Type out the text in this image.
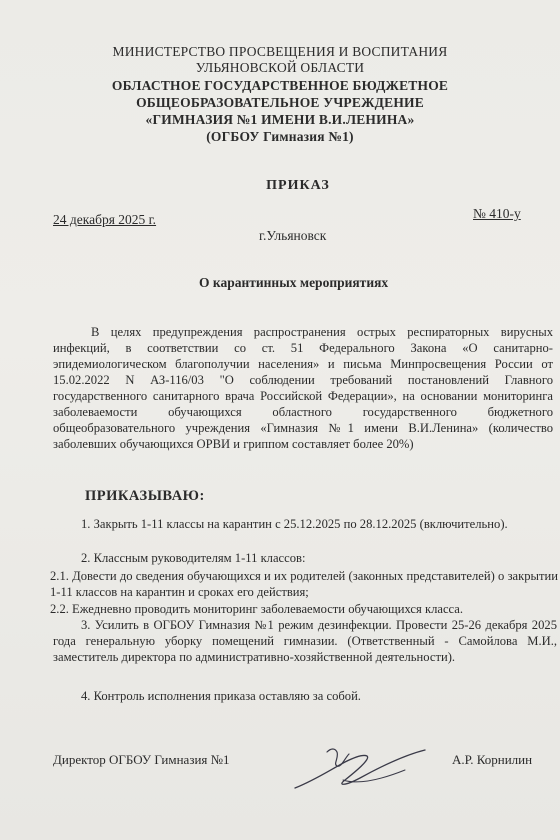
МИНИСТЕРСТВО ПРОСВЕЩЕНИЯ И ВОСПИТАНИЯ
УЛЬЯНОВСКОЙ ОБЛАСТИ
ОБЛАСТНОЕ ГОСУДАРСТВЕННОЕ БЮДЖЕТНОЕ
ОБЩЕОБРАЗОВАТЕЛЬНОЕ УЧРЕЖДЕНИЕ
«ГИМНАЗИЯ №1 ИМЕНИ В.И.ЛЕНИНА»
(ОГБОУ Гимназия №1)
ПРИКАЗ
24 декабря 2025 г.	№ 410-у
г.Ульяновск
О карантинных мероприятиях
В целях предупреждения распространения острых респираторных вирусных инфекций, в соответствии со ст. 51 Федерального Закона «О санитарно-эпидемиологическом благополучии населения» и письма Минпросвещения России от 15.02.2022 N АЗ-116/03 "О соблюдении требований постановлений Главного государственного санитарного врача Российской Федерации», на основании мониторинга заболеваемости обучающихся областного государственного бюджетного общеобразовательного учреждения «Гимназия №1 имени В.И.Ленина» (количество заболевших обучающихся ОРВИ и гриппом составляет более 20%)
ПРИКАЗЫВАЮ:
1. Закрыть 1-11 классы на карантин с 25.12.2025 по 28.12.2025 (включительно).
2. Классным руководителям 1-11 классов:
2.1. Довести до сведения обучающихся и их родителей (законных представителей) о закрытии 1-11 классов на карантин и сроках его действия;
2.2. Ежедневно проводить мониторинг заболеваемости обучающихся класса.
3. Усилить в ОГБОУ Гимназия №1 режим дезинфекции. Провести 25-26 декабря 2025 года генеральную уборку помещений гимназии. (Ответственный - Самойлова М.И., заместитель директора по административно-хозяйственной деятельности).
4. Контроль исполнения приказа оставляю за собой.
Директор ОГБОУ Гимназия №1	А.Р. Корнилин
